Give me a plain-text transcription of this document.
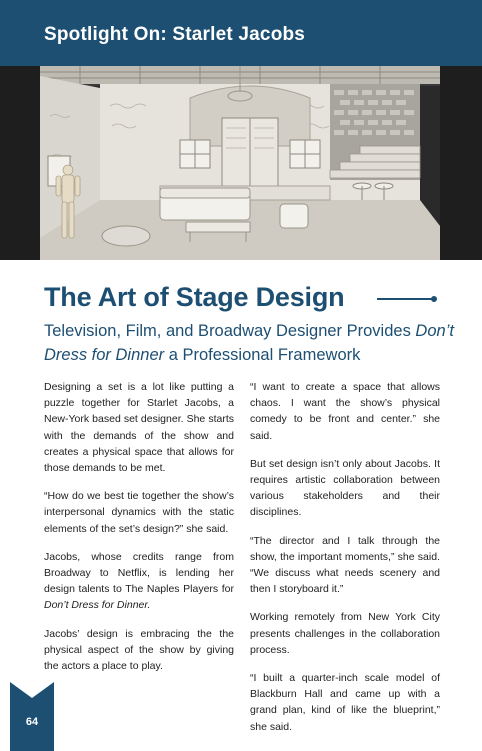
Spotlight On: Starlet Jacobs
The Art of Stage Design
Television, Film, and Broadway Designer Provides Don’t Dress for Dinner a Professional Framework

Designing a set is a lot like putting a puzzle together for Starlet Jacobs, a New-York based set designer. She starts with the demands of the show and creates a physical space that allows for those demands to be met.

“How do we best tie together the show’s interpersonal dynamics with the static elements of the set’s design?” she said.

Jacobs, whose credits range from Broadway to Netflix, is lending her design talents to The Naples Players for Don’t Dress for Dinner.

Jacobs’ design is embracing the the physical aspect of the show by giving the actors a place to play.

“I want to create a space that allows chaos. I want the show’s physical comedy to be front and center.” she said.

But set design isn’t only about Jacobs. It requires artistic collaboration between various stakeholders and their disciplines.

“The director and I talk through the show, the important moments,” she said. “We discuss what needs scenery and then I storyboard it.”

Working remotely from New York City presents challenges in the collaboration process.

“I built a quarter-inch scale model of Blackburn Hall and came up with a grand plan, kind of like the blueprint,” she said.

64
